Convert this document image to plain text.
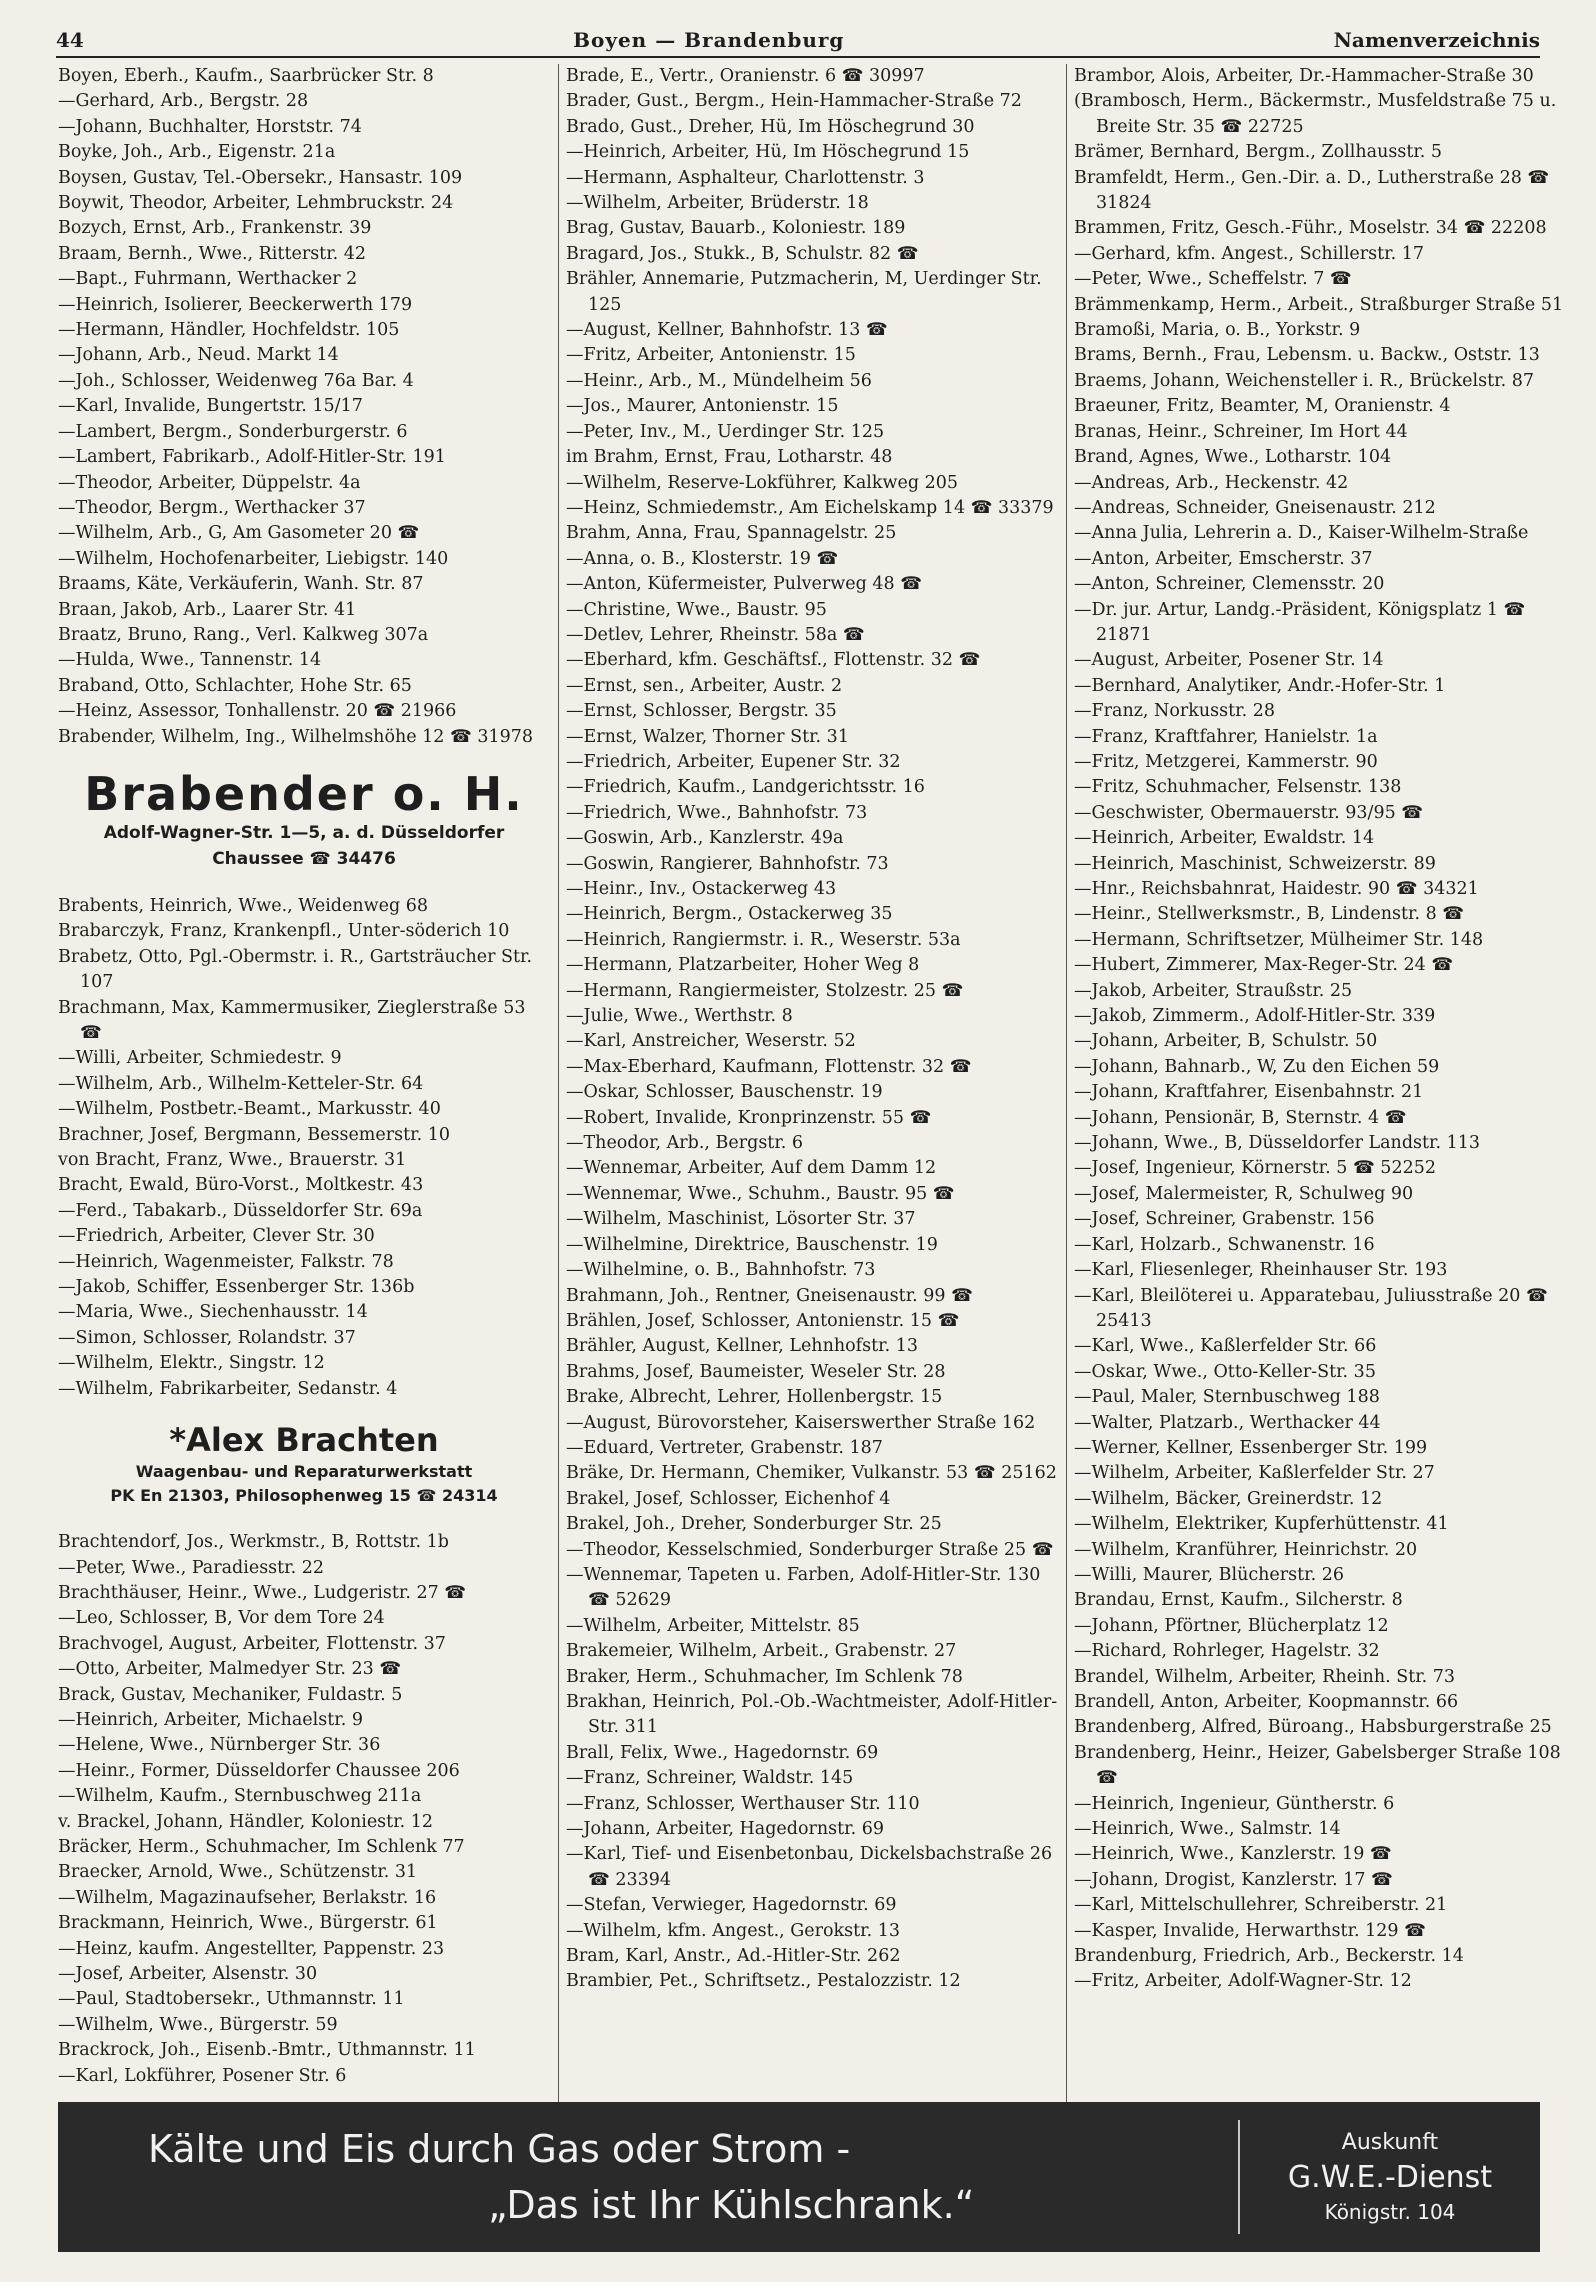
44	Boyen — Brandenburg	Namenverzeichnis
Boyen, Eberh., Kaufm., Saarbrücker Str. 8
—Gerhard, Arb., Bergstr. 28
—Johann, Buchhalter, Horststr. 74
Boyke, Joh., Arb., Eigenstr. 21a
Boysen, Gustav, Tel.-Obersekr., Hansastr. 109
Boywit, Theodor, Arbeiter, Lehmbruckstr. 24
Bozych, Ernst, Arb., Frankenstr. 39
Braam, Bernh., Wwe., Ritterstr. 42
—Bapt., Fuhrmann, Werthacker 2
—Heinrich, Isolierer, Beeckerwerth 179
—Hermann, Händler, Hochfeldstr. 105
—Johann, Arb., Neud. Markt 14
—Joh., Schlosser, Weidenweg 76a Bar. 4
—Karl, Invalide, Bungertstr. 15/17
—Lambert, Bergm., Sonderburgerstr. 6
—Lambert, Fabrikarb., Adolf-Hitler-Str. 191
—Theodor, Arbeiter, Düppelstr. 4a
—Theodor, Bergm., Werthacker 37
—Wilhelm, Arb., G, Am Gasometer 20 ☎
—Wilhelm, Hochofenarbeiter, Liebigstr. 140
Braams, Käte, Verkäuferin, Wanh. Str. 87
Braan, Jakob, Arb., Laarer Str. 41
Braatz, Bruno, Rang., Verl. Kalkweg 307a
—Hulda, Wwe., Tannenstr. 14
Braband, Otto, Schlachter, Hohe Str. 65
—Heinz, Assessor, Tonhallenstr. 20 ☎ 21966
Brabender, Wilhelm, Ing., Wilhelmshöhe 12 ☎ 31978
Brabender o. H.
Adolf-Wagner-Str. 1—5, a. d. Düsseldorfer
Chaussee ☎ 34476
Brabents, Heinrich, Wwe., Weidenweg 68
Brabarczyk, Franz, Krankenpfl., Unter-söderich 10
Brabetz, Otto, Pgl.-Obermstr. i. R., Gartsträucher Str. 107
Brachmann, Max, Kammermusiker, Zieglerstraße 53 ☎
—Willi, Arbeiter, Schmiedestr. 9
—Wilhelm, Arb., Wilhelm-Ketteler-Str. 64
—Wilhelm, Postbetr.-Beamt., Markusstr. 40
Brachner, Josef, Bergmann, Bessemerstr. 10
von Bracht, Franz, Wwe., Brauerstr. 31
Bracht, Ewald, Büro-Vorst., Moltkestr. 43
—Ferd., Tabakarb., Düsseldorfer Str. 69a
—Friedrich, Arbeiter, Clever Str. 30
—Heinrich, Wagenmeister, Falkstr. 78
—Jakob, Schiffer, Essenberger Str. 136b
—Maria, Wwe., Siechenhausstr. 14
—Simon, Schlosser, Rolandstr. 37
—Wilhelm, Elektr., Singstr. 12
—Wilhelm, Fabrikarbeiter, Sedanstr. 4
*Alex Brachten
Waagenbau- und Reparaturwerkstatt
PK En 21303, Philosophenweg 15 ☎ 24314
Brachtendorf, Jos., Werkmstr., B, Rottstr. 1b
—Peter, Wwe., Paradiesstr. 22
Brachthäuser, Heinr., Wwe., Ludgeristr. 27 ☎
—Leo, Schlosser, B, Vor dem Tore 24
Brachvogel, August, Arbeiter, Flottenstr. 37
—Otto, Arbeiter, Malmedyer Str. 23 ☎
Brack, Gustav, Mechaniker, Fuldastr. 5
—Heinrich, Arbeiter, Michaelstr. 9
—Helene, Wwe., Nürnberger Str. 36
—Heinr., Former, Düsseldorfer Chaussee 206
—Wilhelm, Kaufm., Sternbuschweg 211a
v. Brackel, Johann, Händler, Koloniestr. 12
Bräcker, Herm., Schuhmacher, Im Schlenk 77
Braecker, Arnold, Wwe., Schützenstr. 31
—Wilhelm, Magazinaufseher, Berlakstr. 16
Brackmann, Heinrich, Wwe., Bürgerstr. 61
—Heinz, kaufm. Angestellter, Pappenstr. 23
—Josef, Arbeiter, Alsenstr. 30
—Paul, Stadtobersekr., Uthmannstr. 11
—Wilhelm, Wwe., Bürgerstr. 59
Brackrock, Joh., Eisenb.-Bmtr., Uthmannstr. 11
—Karl, Lokführer, Posener Str. 6
Brade, E., Vertr., Oranienstr. 6 ☎ 30997
Brader, Gust., Bergm., Hein-Hammacher-Straße 72
Brado, Gust., Dreher, Hü, Im Höschegrund 30
—Heinrich, Arbeiter, Hü, Im Höschegrund 15
—Hermann, Asphalteur, Charlottenstr. 3
—Wilhelm, Arbeiter, Brüderstr. 18
Brag, Gustav, Bauarb., Koloniestr. 189
Bragard, Jos., Stukk., B, Schulstr. 82 ☎
Brähler, Annemarie, Putzmacherin, M, Uerdinger Str. 125
—August, Kellner, Bahnhofstr. 13 ☎
—Fritz, Arbeiter, Antonienstr. 15
—Heinr., Arb., M., Mündelheim 56
—Jos., Maurer, Antonienstr. 15
—Peter, Inv., M., Uerdinger Str. 125
im Brahm, Ernst, Frau, Lotharstr. 48
—Wilhelm, Reserve-Lokführer, Kalkweg 205
—Heinz, Schmiedemstr., Am Eichelskamp 14 ☎ 33379
Brahm, Anna, Frau, Spannagelstr. 25
—Anna, o. B., Klosterstr. 19 ☎
—Anton, Küfermeister, Pulverweg 48 ☎
—Christine, Wwe., Baustr. 95
—Detlev, Lehrer, Rheinstr. 58a ☎
—Eberhard, kfm. Geschäftsf., Flottenstr. 32 ☎
—Ernst, sen., Arbeiter, Austr. 2
—Ernst, Schlosser, Bergstr. 35
—Ernst, Walzer, Thorner Str. 31
—Friedrich, Arbeiter, Eupener Str. 32
—Friedrich, Kaufm., Landgerichtsstr. 16
—Friedrich, Wwe., Bahnhofstr. 73
—Goswin, Arb., Kanzlerstr. 49a
—Goswin, Rangierer, Bahnhofstr. 73
—Heinr., Inv., Ostackerweg 43
—Heinrich, Bergm., Ostackerweg 35
—Heinrich, Rangiermstr. i. R., Weserstr. 53a
—Hermann, Platzarbeiter, Hoher Weg 8
—Hermann, Rangiermeister, Stolzestr. 25 ☎
—Julie, Wwe., Werthstr. 8
—Karl, Anstreicher, Weserstr. 52
—Max-Eberhard, Kaufmann, Flottenstr. 32 ☎
—Oskar, Schlosser, Bauschenstr. 19
—Robert, Invalide, Kronprinzenstr. 55 ☎
—Theodor, Arb., Bergstr. 6
—Wennemar, Arbeiter, Auf dem Damm 12
—Wennemar, Wwe., Schuhm., Baustr. 95 ☎
—Wilhelm, Maschinist, Lösorter Str. 37
—Wilhelmine, Direktrice, Bauschenstr. 19
—Wilhelmine, o. B., Bahnhofstr. 73
Brahmann, Joh., Rentner, Gneisenaustr. 99 ☎
Brählen, Josef, Schlosser, Antonienstr. 15 ☎
Brähler, August, Kellner, Lehnhofstr. 13
Brahms, Josef, Baumeister, Weseler Str. 28
Brake, Albrecht, Lehrer, Hollenbergstr. 15
—August, Bürovorsteher, Kaiserswerther Straße 162
—Eduard, Vertreter, Grabenstr. 187
Bräke, Dr. Hermann, Chemiker, Vulkanstr. 53 ☎ 25162
Brakel, Josef, Schlosser, Eichenhof 4
Brakel, Joh., Dreher, Sonderburger Str. 25
—Theodor, Kesselschmied, Sonderburger Straße 25 ☎
—Wennemar, Tapeten u. Farben, Adolf-Hitler-Str. 130 ☎ 52629
—Wilhelm, Arbeiter, Mittelstr. 85
Brakemeier, Wilhelm, Arbeit., Grabenstr. 27
Braker, Herm., Schuhmacher, Im Schlenk 78
Brakhan, Heinrich, Pol.-Ob.-Wachtmeister, Adolf-Hitler-Str. 311
Brall, Felix, Wwe., Hagedornstr. 69
—Franz, Schreiner, Waldstr. 145
—Franz, Schlosser, Werthauser Str. 110
—Johann, Arbeiter, Hagedornstr. 69
—Karl, Tief- und Eisenbetonbau, Dickelsbachstraße 26 ☎ 23394
—Stefan, Verwieger, Hagedornstr. 69
—Wilhelm, kfm. Angest., Gerokstr. 13
Bram, Karl, Anstr., Ad.-Hitler-Str. 262
Brambier, Pet., Schriftsetz., Pestalozzistr. 12
Brambor, Alois, Arbeiter, Dr.-Hammacher-Straße 30
(Brambosch, Herm., Bäckermstr., Musfeldstraße 75 u. Breite Str. 35 ☎ 22725
Brämer, Bernhard, Bergm., Zollhausstr. 5
Bramfeldt, Herm., Gen.-Dir. a. D., Lutherstraße 28 ☎ 31824
Brammen, Fritz, Gesch.-Führ., Moselstr. 34 ☎ 22208
—Gerhard, kfm. Angest., Schillerstr. 17
—Peter, Wwe., Scheffelstr. 7 ☎
Brämmenkamp, Herm., Arbeit., Straßburger Straße 51
Bramoßi, Maria, o. B., Yorkstr. 9
Brams, Bernh., Frau, Lebensm. u. Backw., Oststr. 13
Braems, Johann, Weichensteller i. R., Brückelstr. 87
Braeuner, Fritz, Beamter, M, Oranienstr. 4
Branas, Heinr., Schreiner, Im Hort 44
Brand, Agnes, Wwe., Lotharstr. 104
—Andreas, Arb., Heckenstr. 42
—Andreas, Schneider, Gneisenaustr. 212
—Anna Julia, Lehrerin a. D., Kaiser-Wilhelm-Straße
—Anton, Arbeiter, Emscherstr. 37
—Anton, Schreiner, Clemensstr. 20
—Dr. jur. Artur, Landg.-Präsident, Königsplatz 1 ☎ 21871
—August, Arbeiter, Posener Str. 14
—Bernhard, Analytiker, Andr.-Hofer-Str. 1
—Franz, Norkusstr. 28
—Franz, Kraftfahrer, Hanielstr. 1a
—Fritz, Metzgerei, Kammerstr. 90
—Fritz, Schuhmacher, Felsenstr. 138
—Geschwister, Obermauerstr. 93/95 ☎
—Heinrich, Arbeiter, Ewaldstr. 14
—Heinrich, Maschinist, Schweizerstr. 89
—Hnr., Reichsbahnrat, Haidestr. 90 ☎ 34321
—Heinr., Stellwerksmstr., B, Lindenstr. 8 ☎
—Hermann, Schriftsetzer, Mülheimer Str. 148
—Hubert, Zimmerer, Max-Reger-Str. 24 ☎
—Jakob, Arbeiter, Straußstr. 25
—Jakob, Zimmerm., Adolf-Hitler-Str. 339
—Johann, Arbeiter, B, Schulstr. 50
—Johann, Bahnarb., W, Zu den Eichen 59
—Johann, Kraftfahrer, Eisenbahnstr. 21
—Johann, Pensionär, B, Sternstr. 4 ☎
—Johann, Wwe., B, Düsseldorfer Landstr. 113
—Josef, Ingenieur, Körnerstr. 5 ☎ 52252
—Josef, Malermeister, R, Schulweg 90
—Josef, Schreiner, Grabenstr. 156
—Karl, Holzarb., Schwanenstr. 16
—Karl, Fliesenleger, Rheinhauser Str. 193
—Karl, Bleilöterei u. Apparatebau, Juliusstraße 20 ☎ 25413
—Karl, Wwe., Kaßlerfelder Str. 66
—Oskar, Wwe., Otto-Keller-Str. 35
—Paul, Maler, Sternbuschweg 188
—Walter, Platzarb., Werthacker 44
—Werner, Kellner, Essenberger Str. 199
—Wilhelm, Arbeiter, Kaßlerfelder Str. 27
—Wilhelm, Bäcker, Greinerdstr. 12
—Wilhelm, Elektriker, Kupferhüttenstr. 41
—Wilhelm, Kranführer, Heinrichstr. 20
—Willi, Maurer, Blücherstr. 26
Brandau, Ernst, Kaufm., Silcherstr. 8
—Johann, Pförtner, Blücherplatz 12
—Richard, Rohrleger, Hagelstr. 32
Brandel, Wilhelm, Arbeiter, Rheinh. Str. 73
Brandell, Anton, Arbeiter, Koopmannstr. 66
Brandenberg, Alfred, Büroang., Habsburgerstraße 25
Brandenberg, Heinr., Heizer, Gabelsberger Straße 108 ☎
—Heinrich, Ingenieur, Güntherstr. 6
—Heinrich, Wwe., Salmstr. 14
—Heinrich, Wwe., Kanzlerstr. 19 ☎
—Johann, Drogist, Kanzlerstr. 17 ☎
—Karl, Mittelschullehrer, Schreiberstr. 21
—Kasper, Invalide, Herwarthstr. 129 ☎
Brandenburg, Friedrich, Arb., Beckerstr. 14
—Fritz, Arbeiter, Adolf-Wagner-Str. 12
Kälte und Eis durch Gas oder Strom -
„Das ist Ihr Kühlschrank.“
Auskunft
G.W.E.-Dienst
Königstr. 104
